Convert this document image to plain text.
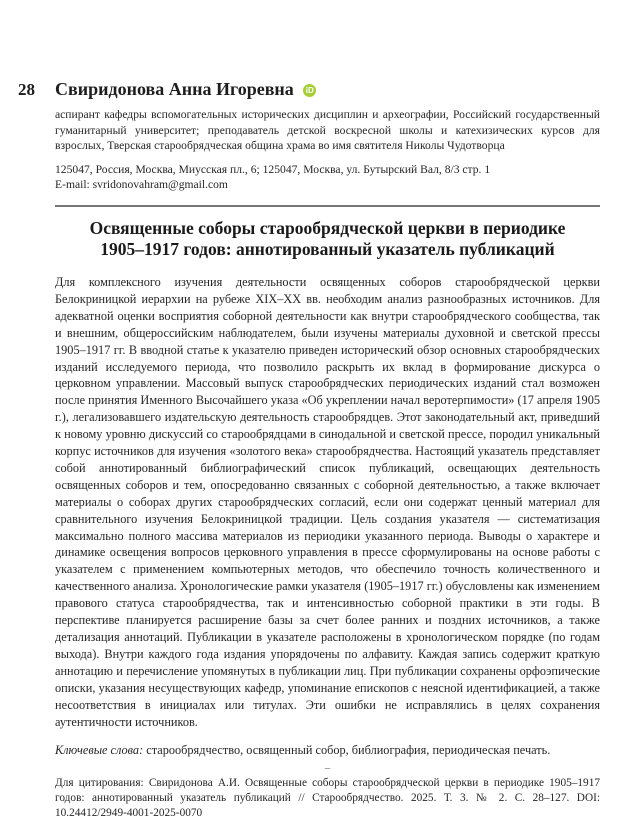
28 Свиридонова Анна Игоревна iD

аспирант кафедры вспомогательных исторических дисциплин и археографии, Российский государственный гуманитарный университет; преподаватель детской воскресной школы и катехизических курсов для взрослых, Тверская старообрядческая община храма во имя святителя Николы Чудотворца

125047, Россия, Москва, Миусская пл., 6; 125047, Москва, ул. Бутырский Вал, 8/3 стр. 1
E-mail: svridonovahram@gmail.com

Освященные соборы старообрядческой церкви в периодике 1905–1917 годов: аннотированный указатель публикаций

Для комплексного изучения деятельности освященных соборов старообрядческой церкви Белокриницкой иерархии на рубеже XIX–XX вв. необходим анализ разнообразных источников. Для адекватной оценки восприятия соборной деятельности как внутри старообрядческого сообщества, так и внешним, общероссийским наблюдателем, были изучены материалы духовной и светской прессы 1905–1917 гг. В вводной статье к указателю приведен исторический обзор основных старообрядческих изданий исследуемого периода, что позволило раскрыть их вклад в формирование дискурса о церковном управлении. Массовый выпуск старообрядческих периодических изданий стал возможен после принятия Именного Высочайшего указа «Об укреплении начал веротерпимости» (17 апреля 1905 г.), легализовавшего издательскую деятельность старообрядцев. Этот законодательный акт, приведший к новому уровню дискуссий со старообрядцами в синодальной и светской прессе, породил уникальный корпус источников для изучения «золотого века» старообрядчества. Настоящий указатель представляет собой аннотированный библиографический список публикаций, освещающих деятельность освященных соборов и тем, опосредованно связанных с соборной деятельностью, а также включает материалы о соборах других старообрядческих согласий, если они содержат ценный материал для сравнительного изучения Белокриницкой традиции. Цель создания указателя — систематизация максимально полного массива материалов из периодики указанного периода. Выводы о характере и динамике освещения вопросов церковного управления в прессе сформулированы на основе работы с указателем с применением компьютерных методов, что обеспечило точность количественного и качественного анализа. Хронологические рамки указателя (1905–1917 гг.) обусловлены как изменением правового статуса старообрядчества, так и интенсивностью соборной практики в эти годы. В перспективе планируется расширение базы за счет более ранних и поздних источников, а также детализация аннотаций. Публикации в указателе расположены в хронологическом порядке (по годам выхода). Внутри каждого года издания упорядочены по алфавиту. Каждая запись содержит краткую аннотацию и перечисление упомянутых в публикации лиц. При публикации сохранены орфоэпические описки, указания несуществующих кафедр, упоминание епископов с неясной идентификацией, а также несоответствия в инициалах или титулах. Эти ошибки не исправлялись в целях сохранения аутентичности источников.

Ключевые слова: старообрядчество, освященный собор, библиография, периодическая печать.

–

Для цитирования: Свиридонова А.И. Освященные соборы старообрядческой церкви в периодике 1905–1917 годов: аннотированный указатель публикаций // Старообрядчество. 2025. Т. 3. № 2. С. 28–127. DOI: 10.24412/2949-4001-2025-0070
